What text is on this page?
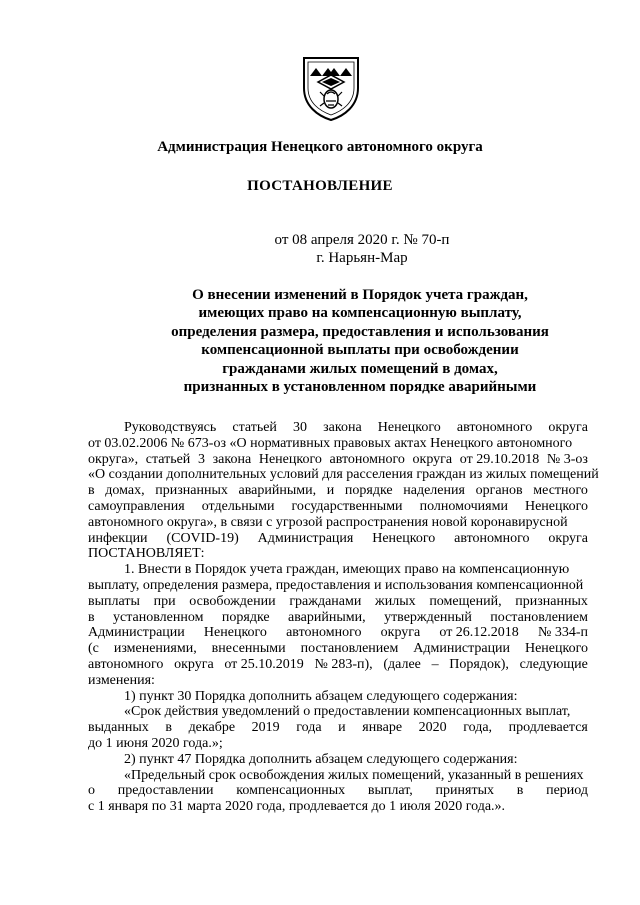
Администрация Ненецкого автономного округа
ПОСТАНОВЛЕНИЕ
от 08 апреля 2020 г. № 70-п
г. Нарьян-Мар
О внесении изменений в Порядок учета граждан,
имеющих право на компенсационную выплату,
определения размера, предоставления и использования
компенсационной выплаты при освобождении
гражданами жилых помещений в домах,
признанных в установленном порядке аварийными
Руководствуясь статьей 30 закона Ненецкого автономного округа
от 03.02.2006 № 673-оз «О нормативных правовых актах Ненецкого автономного
округа», статьей 3 закона Ненецкого автономного округа от 29.10.2018 № 3-оз
«О создании дополнительных условий для расселения граждан из жилых помещений
в домах, признанных аварийными, и порядке наделения органов местного
самоуправления отдельными государственными полномочиями Ненецкого
автономного округа», в связи с угрозой распространения новой коронавирусной
инфекции (COVID-19) Администрация Ненецкого автономного округа
ПОСТАНОВЛЯЕТ:
1. Внести в Порядок учета граждан, имеющих право на компенсационную
выплату, определения размера, предоставления и использования компенсационной
выплаты при освобождении гражданами жилых помещений, признанных
в установленном порядке аварийными, утвержденный постановлением
Администрации Ненецкого автономного округа от 26.12.2018 № 334-п
(с изменениями, внесенными постановлением Администрации Ненецкого
автономного округа от 25.10.2019 № 283-п), (далее – Порядок), следующие
изменения:
1) пункт 30 Порядка дополнить абзацем следующего содержания:
«Срок действия уведомлений о предоставлении компенсационных выплат,
выданных в декабре 2019 года и январе 2020 года, продлевается
до 1 июня 2020 года.»;
2) пункт 47 Порядка дополнить абзацем следующего содержания:
«Предельный срок освобождения жилых помещений, указанный в решениях
о предоставлении компенсационных выплат, принятых в период
с 1 января по 31 марта 2020 года, продлевается до 1 июля 2020 года.».
